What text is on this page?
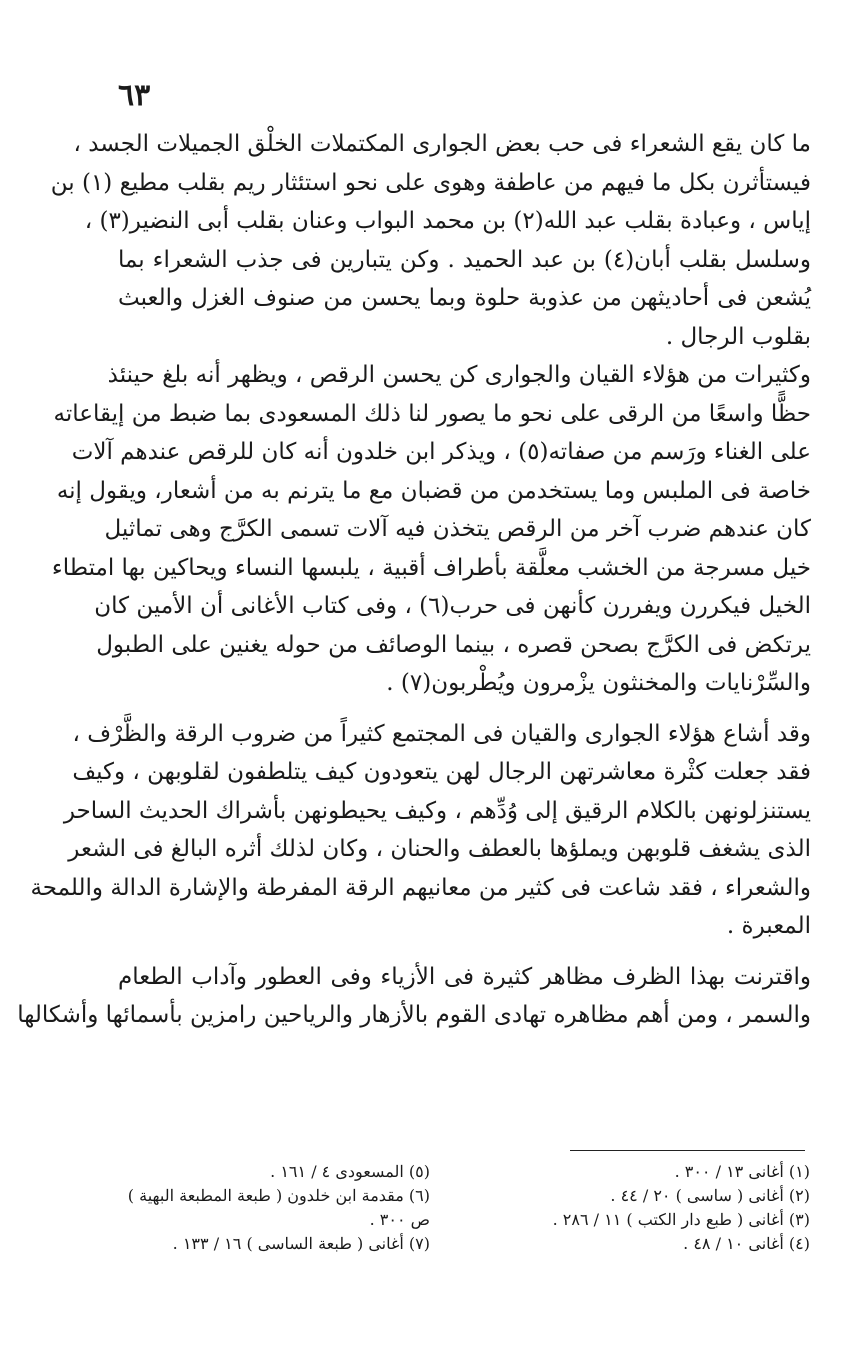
٦٣
ما كان يقع الشعراء فى حب بعض الجوارى المكتملات الخلْق الجميلات الجسد ،
فيستأثرن بكل ما فيهم من عاطفة وهوى على نحو استئثار ريم بقلب مطيع (١) بن
إياس ، وعبادة بقلب عبد الله(٢) بن محمد البواب وعنان بقلب أبى النضير(٣) ،
وسلسل بقلب أبان(٤) بن عبد الحميد . وكن يتبارين فى جذب الشعراء بما
يُشعن فى أحاديثهن من عذوبة حلوة وبما يحسن من صنوف الغزل والعبث
بقلوب الرجال .
وكثيرات من هؤلاء القيان والجوارى كن يحسن الرقص ، ويظهر أنه بلغ حينئذ
حظًّا واسعًا من الرقى على نحو ما يصور لنا ذلك المسعودى بما ضبط من إيقاعاته
على الغناء ورَسم من صفاته(٥) ، ويذكر ابن خلدون أنه كان للرقص عندهم آلات
خاصة فى الملبس وما يستخدمن من قضبان مع ما يترنم به من أشعار، ويقول إنه
كان عندهم ضرب آخر من الرقص يتخذن فيه آلات تسمى الكرَّج وهى تماثيل
خيل مسرجة من الخشب معلَّقة بأطراف أقبية ، يلبسها النساء ويحاكين بها امتطاء
الخيل فيكررن ويفررن كأنهن فى حرب(٦) ، وفى كتاب الأغانى أن الأمين كان
يرتكض فى الكرَّج بصحن قصره ، بينما الوصائف من حوله يغنين على الطبول
والسِّرْنايات والمخنثون يزْمرون ويُطْربون(٧) .
وقد أشاع هؤلاء الجوارى والقيان فى المجتمع كثيراً من ضروب الرقة والظَّرْف ،
فقد جعلت كثْرة معاشرتهن الرجال لهن يتعودون كيف يتلطفون لقلوبهن ، وكيف
يستنزلونهن بالكلام الرقيق إلى وُدِّهم ، وكيف يحيطونهن بأشراك الحديث الساحر
الذى يشغف قلوبهن ويملؤها بالعطف والحنان ، وكان لذلك أثره البالغ فى الشعر
والشعراء ، فقد شاعت فى كثير من معانيهم الرقة المفرطة والإشارة الدالة واللمحة
المعبرة .
واقترنت بهذا الظرف مظاهر كثيرة فى الأزياء وفى العطور وآداب الطعام
والسمر ، ومن أهم مظاهره تهادى القوم بالأزهار والرياحين رامزين بأسمائها وأشكالها
(١) أغانى ١٣ / ٣٠٠ .
(٢) أغانى ( ساسى ) ٢٠ / ٤٤ .
(٣) أغانى ( طبع دار الكتب ) ١١ / ٢٨٦ .
(٤) أغانى ١٠ / ٤٨ .
(٥) المسعودى ٤ / ١٦١ .
(٦) مقدمة ابن خلدون ( طبعة المطبعة البهية )
ص ٣٠٠ .
(٧) أغانى ( طبعة الساسى ) ١٦ / ١٣٣ .
